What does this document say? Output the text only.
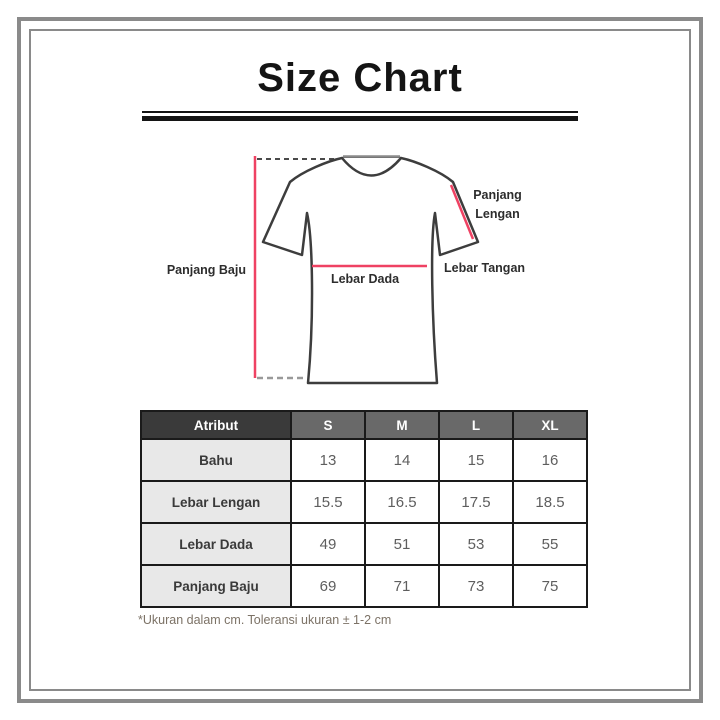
Size Chart
Panjang Baju
Lebar Dada
Panjang Lengan
Lebar Tangan
Atribut	S	M	L	XL
Bahu	13	14	15	16
Lebar Lengan	15.5	16.5	17.5	18.5
Lebar Dada	49	51	53	55
Panjang Baju	69	71	73	75
*Ukuran dalam cm. Toleransi ukuran ± 1-2 cm
